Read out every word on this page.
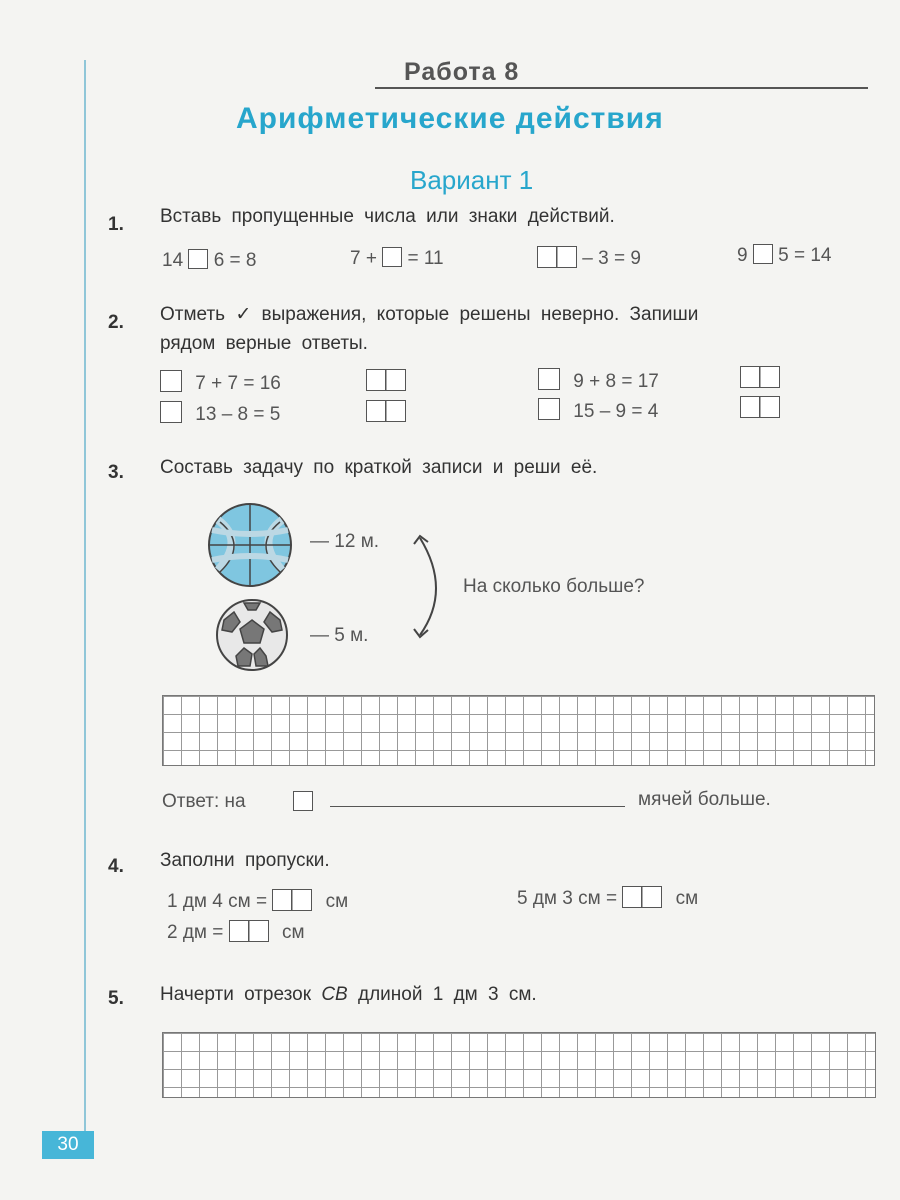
Работа 8
Арифметические действия
Вариант 1
1. Вставь пропущенные числа или знаки действий.
14 6 = 8	7 + = 11	– 3 = 9	9 5 = 14
2. Отметь ✓ выражения, которые решены неверно. Запиши
рядом верные ответы.
7 + 7 = 16
13 – 8 = 5
9 + 8 = 17
15 – 9 = 4
3. Составь задачу по краткой записи и реши её.
— 12 м.
— 5 м.
На сколько больше?
Ответ: на	мячей больше.
4. Заполни пропуски.
1 дм 4 см =	см	5 дм 3 см =	см
2 дм =	см
5. Начерти отрезок CB длиной 1 дм 3 см.
30
